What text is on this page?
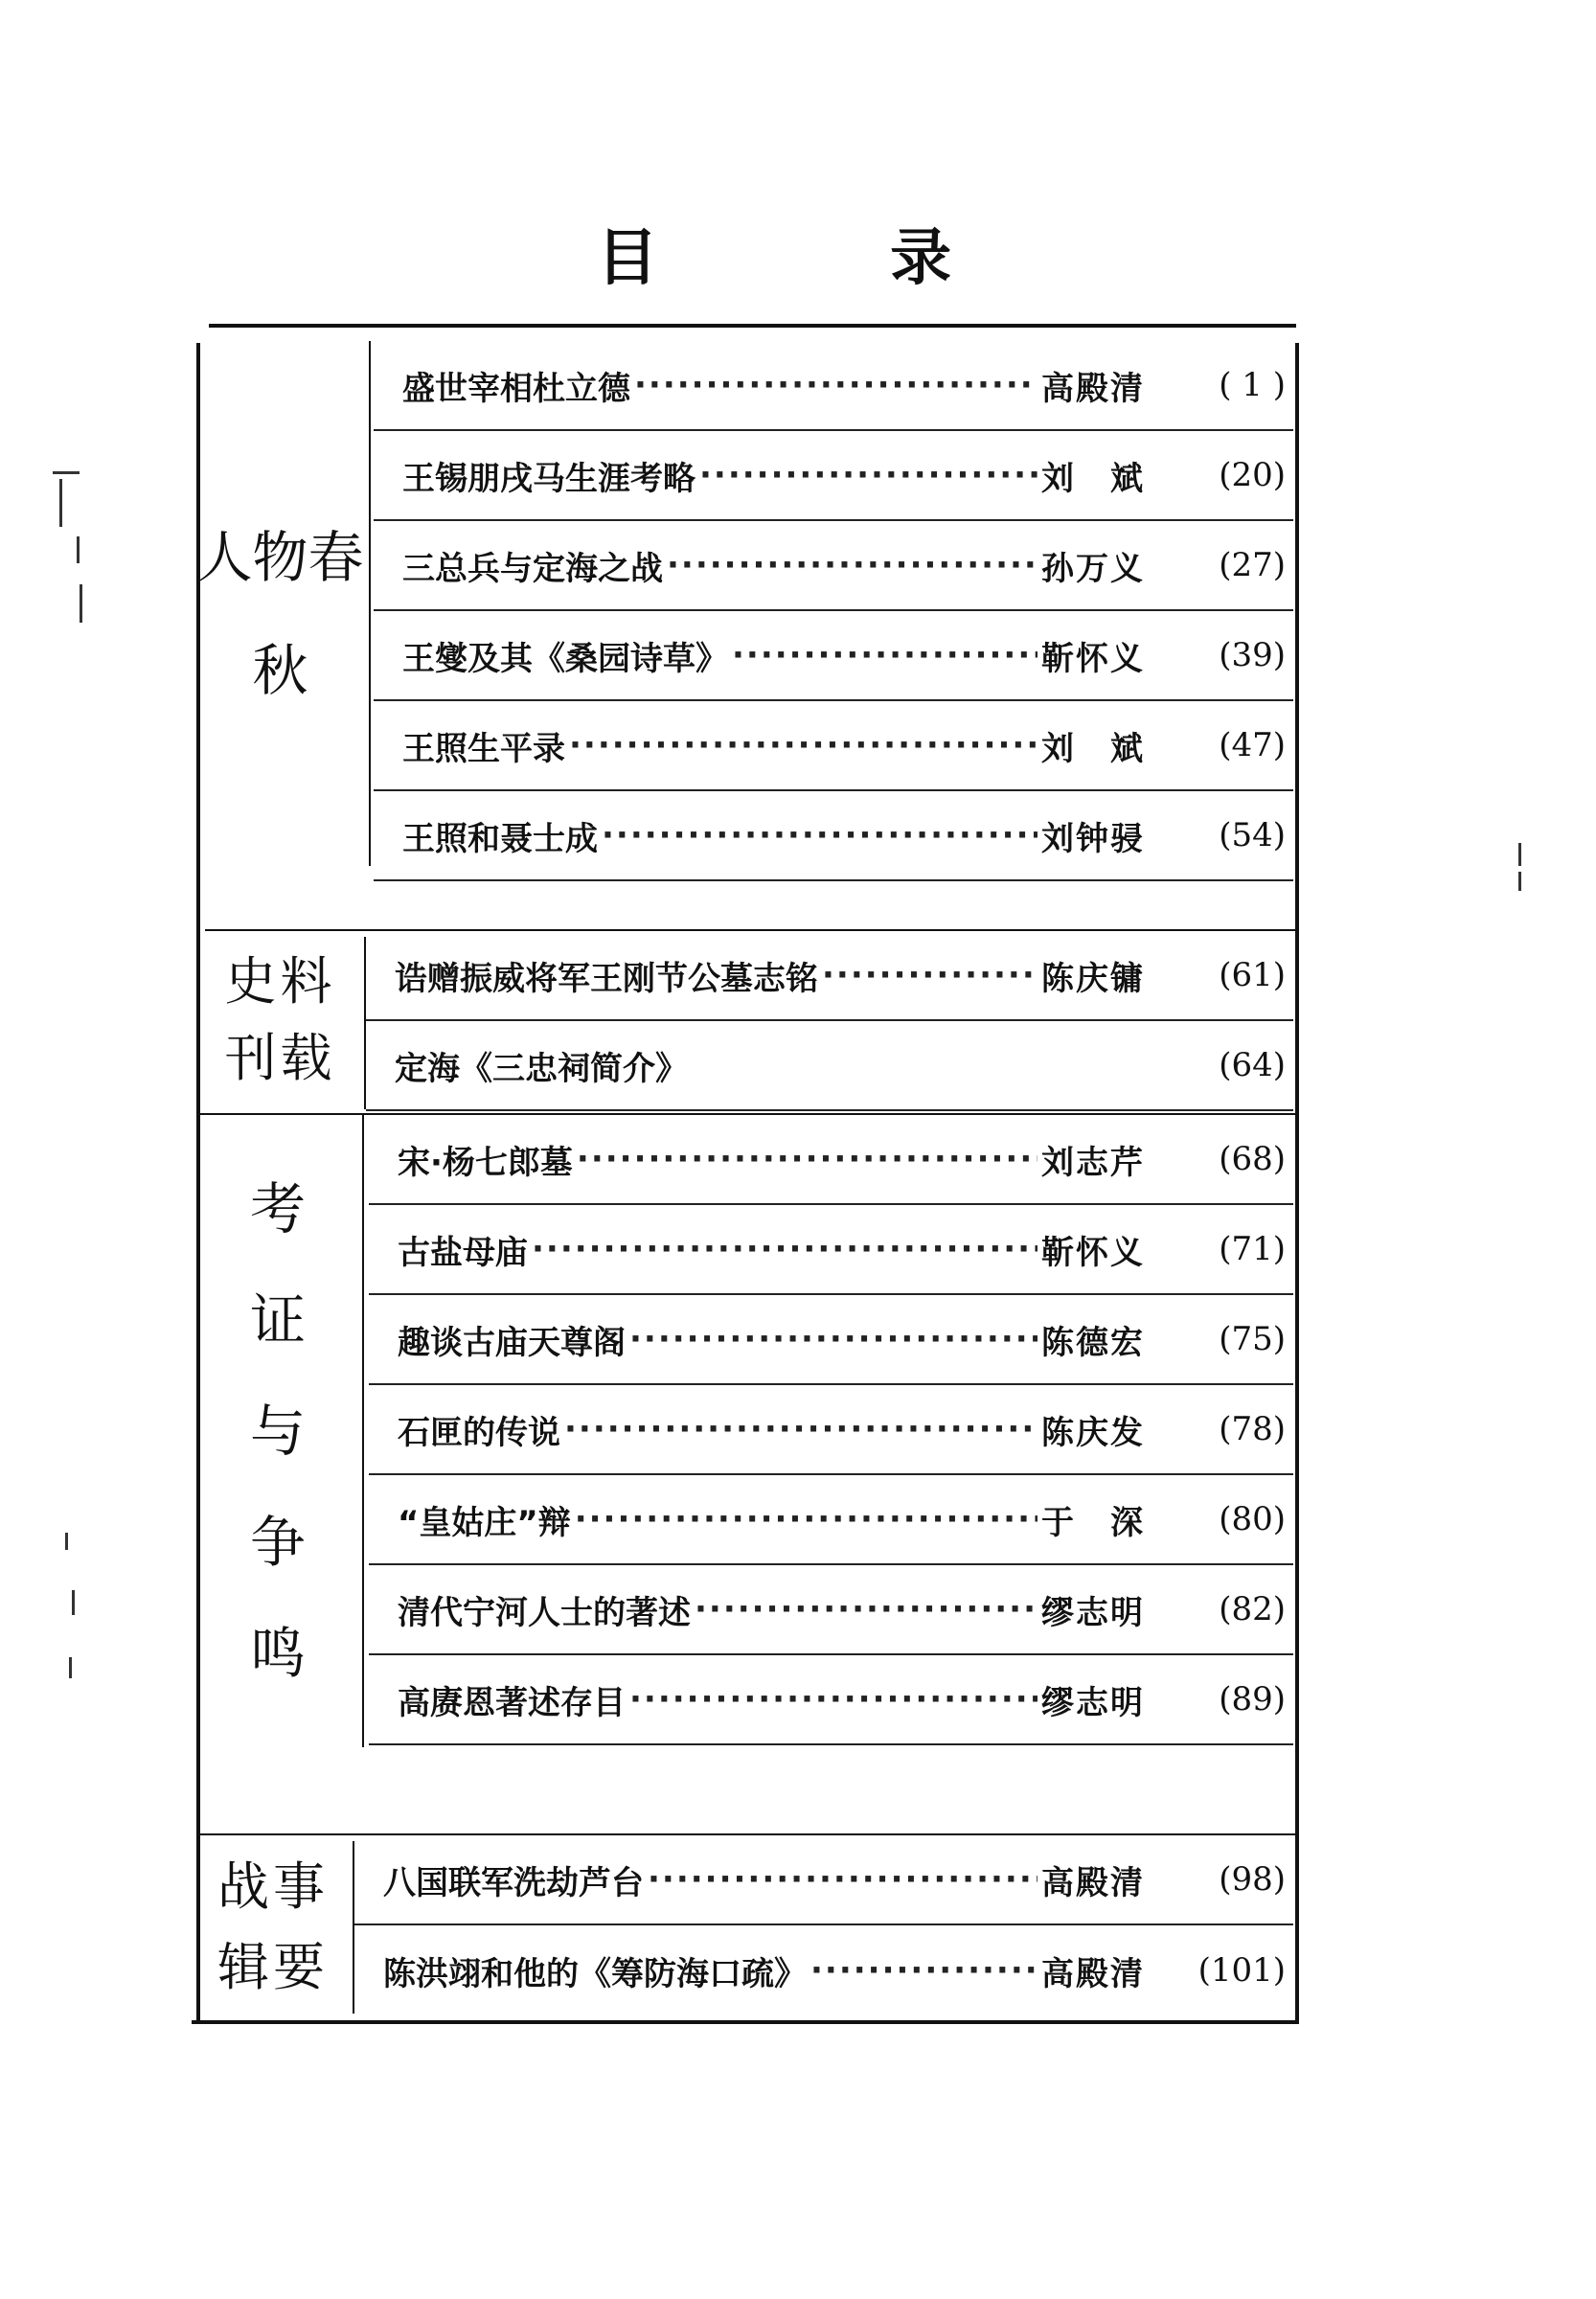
目 录
人物春秋
盛世宰相杜立德 ·····	高殿清	( 1 )
王锡朋戌马生涯考略 ·····	刘　斌	(20)
三总兵与定海之战 ·····	孙万义	(27)
王燮及其《桑园诗草》 ·····	靳怀义	(39)
王照生平录 ·····	刘　斌	(47)
王照和聂士成 ·····	刘钟骎	(54)
史料刊载
诰赠振威将军王刚节公墓志铭 ·····	陈庆镛	(61)
定海《三忠祠简介》	(64)
考证与争鸣
宋·杨七郎墓 ·····	刘志芹	(68)
古盐母庙 ·····	靳怀义	(71)
趣谈古庙天尊阁 ·····	陈德宏	(75)
石匣的传说 ·····	陈庆发	(78)
“皇姑庄”辩 ·····	于　深	(80)
清代宁河人士的著述 ·····	缪志明	(82)
高赓恩著述存目 ·····	缪志明	(89)
战事辑要
八国联军洗劫芦台 ·····	高殿清	(98)
陈洪翊和他的《筹防海口疏》 ·····	高殿清	(101)
